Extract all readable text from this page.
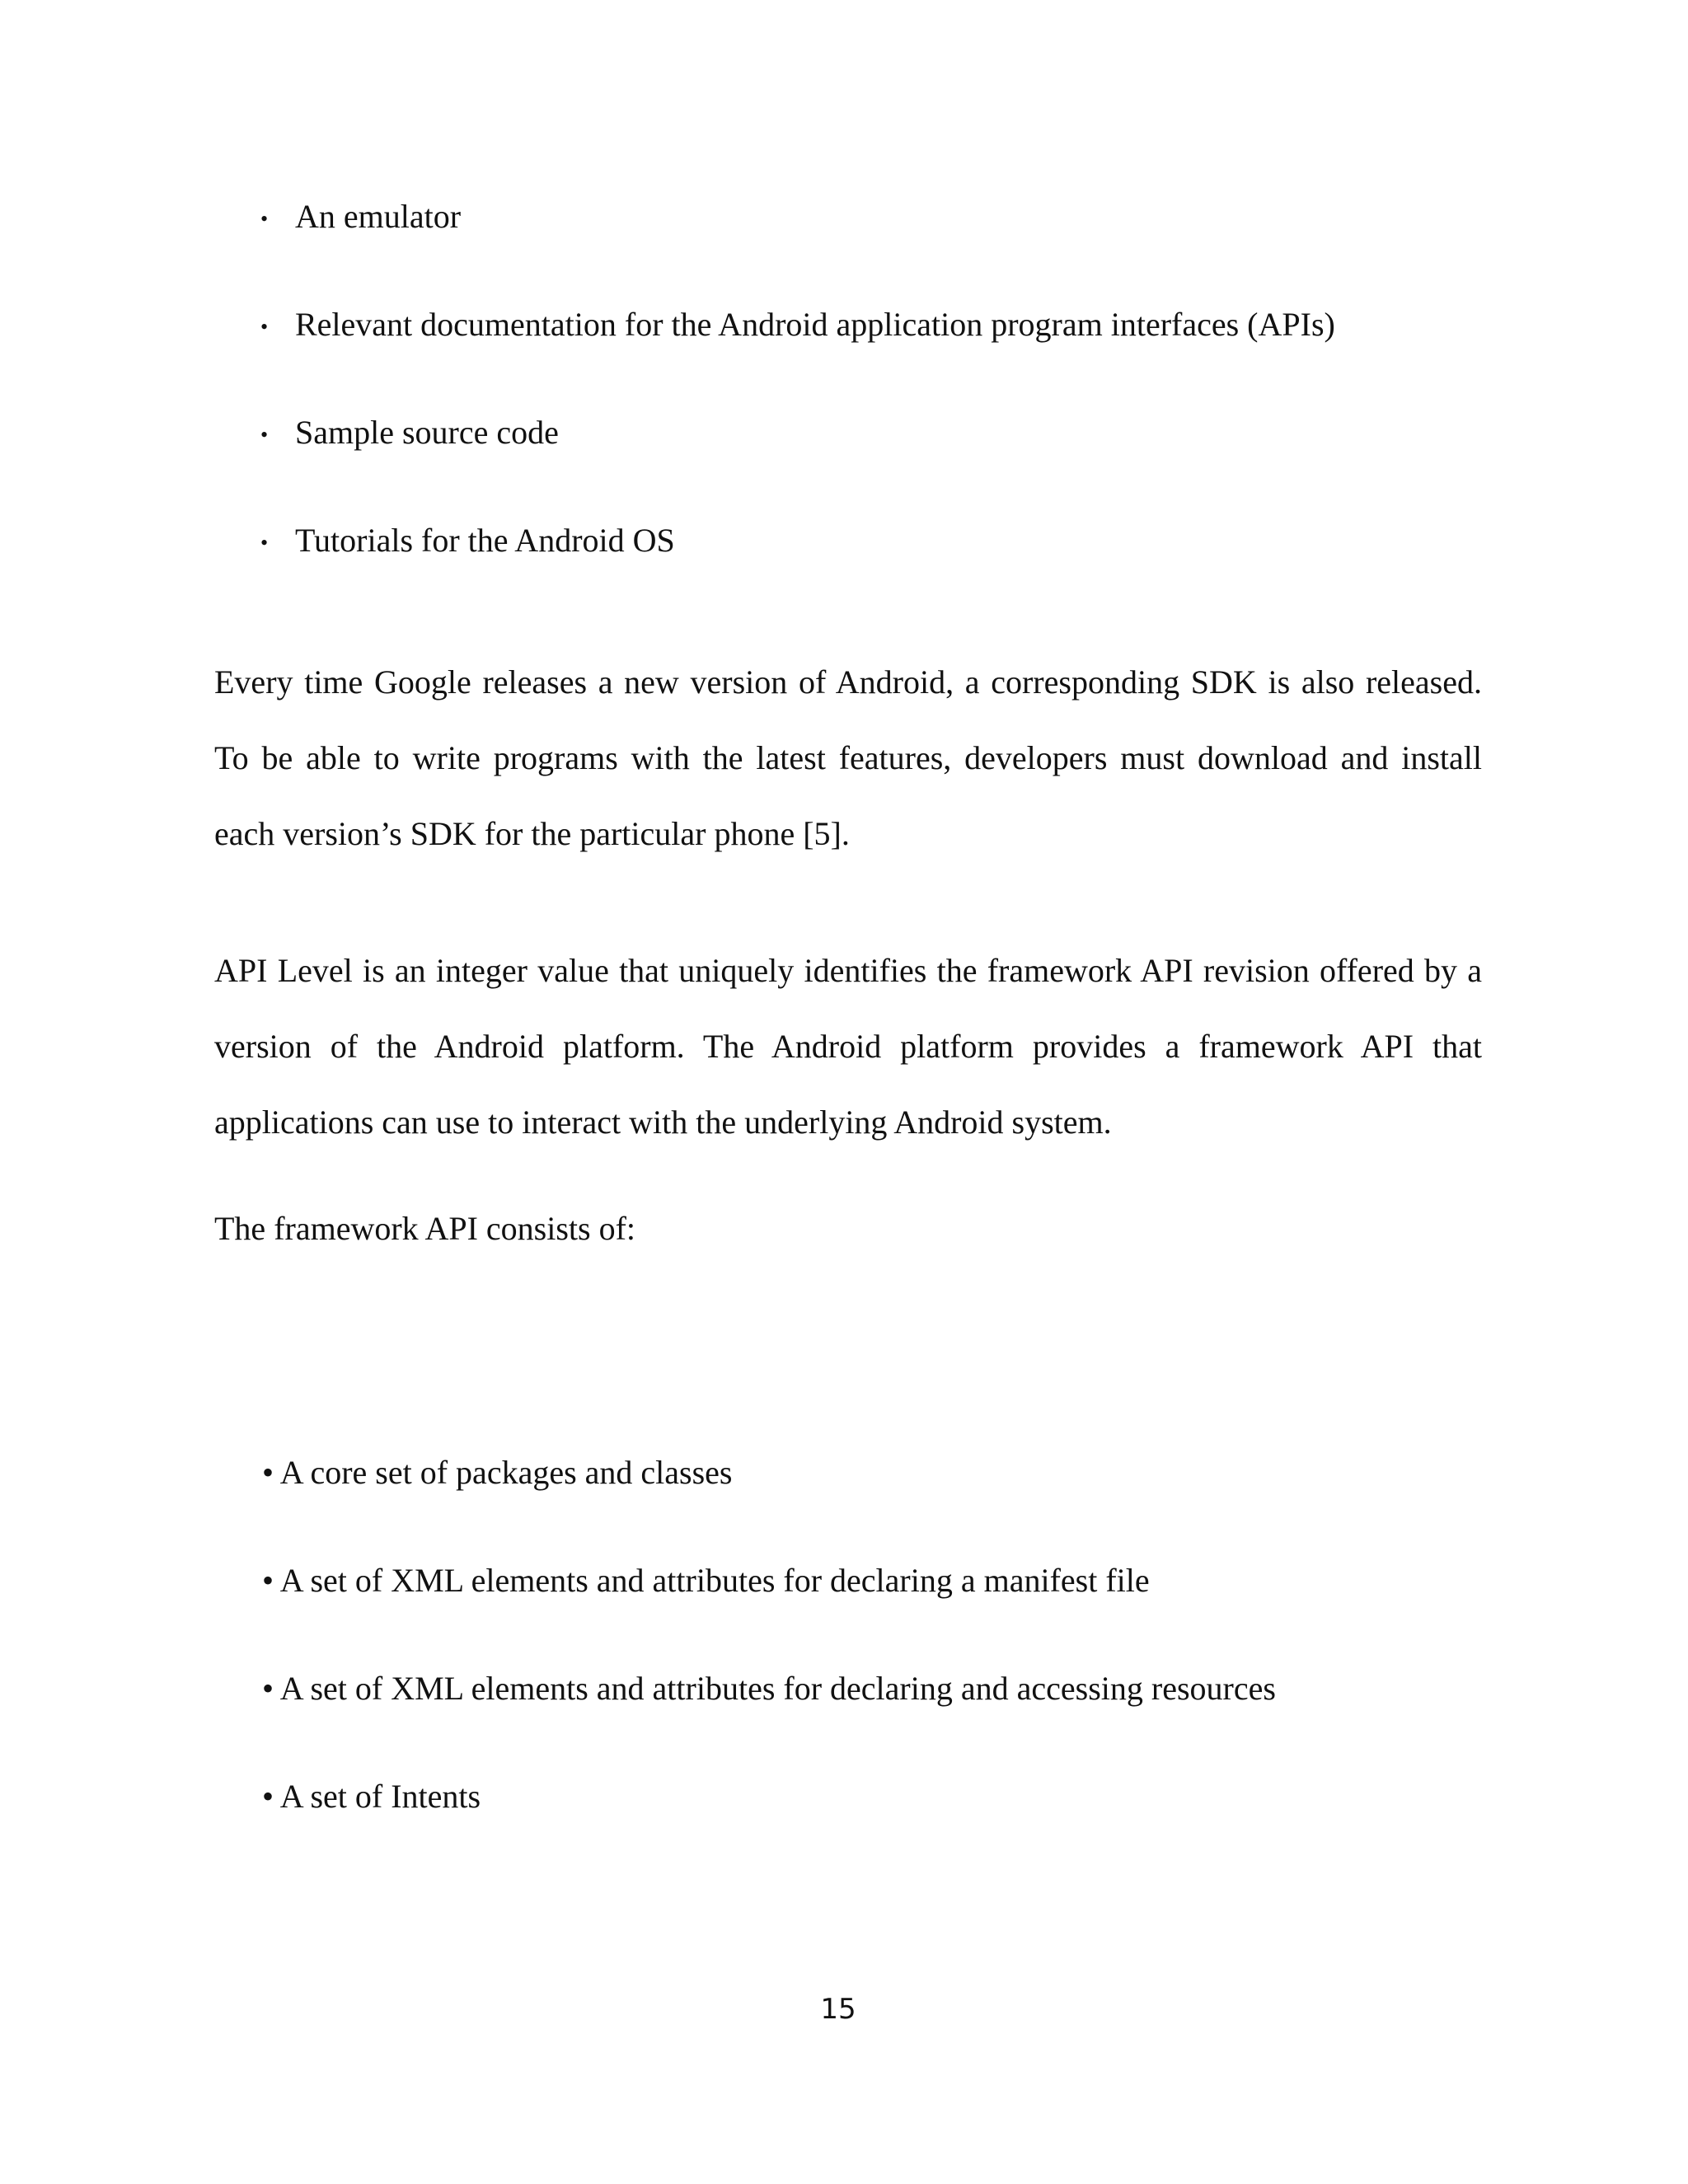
• An emulator
• Relevant documentation for the Android application program interfaces (APIs)
• Sample source code
• Tutorials for the Android OS
Every time Google releases a new version of Android, a corresponding SDK is also released.
To be able to write programs with the latest features, developers must download and install
each version’s SDK for the particular phone [5].
API Level is an integer value that uniquely identifies the framework API revision offered by a
version of the Android platform. The Android platform provides a framework API that
applications can use to interact with the underlying Android system.
The framework API consists of:
• A core set of packages and classes
• A set of XML elements and attributes for declaring a manifest file
• A set of XML elements and attributes for declaring and accessing resources
• A set of Intents
15
